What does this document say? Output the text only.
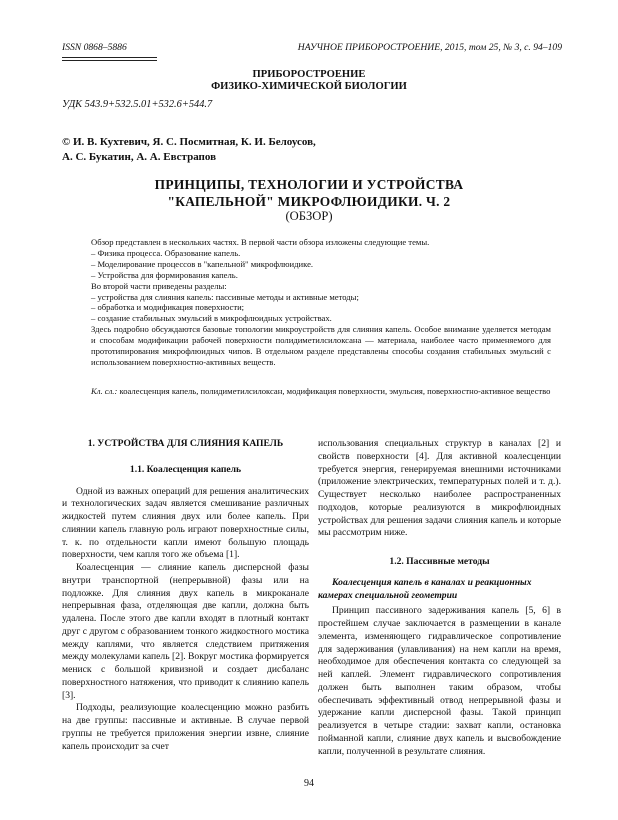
ISSN 0868–5886	НАУЧНОЕ ПРИБОРОСТРОЕНИЕ, 2015, том 25, № 3, с. 94–109
ПРИБОРОСТРОЕНИЕ
ФИЗИКО-ХИМИЧЕСКОЙ БИОЛОГИИ
УДК 543.9+532.5.01+532.6+544.7
© И. В. Кухтевич, Я. С. Посмитная, К. И. Белоусов,
А. С. Букатин, А. А. Евстрапов
ПРИНЦИПЫ, ТЕХНОЛОГИИ И УСТРОЙСТВА
"КАПЕЛЬНОЙ" МИКРОФЛЮИДИКИ. Ч. 2
(ОБЗОР)
Обзор представлен в нескольких частях. В первой части обзора изложены следующие темы.
– Физика процесса. Образование капель.
– Моделирование процессов в "капельной" микрофлюидике.
– Устройства для формирования капель.
Во второй части приведены разделы:
– устройства для слияния капель: пассивные методы и активные методы;
– обработка и модификация поверхности;
– создание стабильных эмульсий в микрофлюидных устройствах.
Здесь подробно обсуждаются базовые топологии микроустройств для слияния капель. Особое внимание уделяется методам и способам модификации рабочей поверхности полидиметилсилоксана — материала, наиболее часто применяемого для прототипирования микрофлюидных чипов. В отдельном разделе представлены способы создания стабильных эмульсий с использованием поверхностно-активных веществ.
Кл. сл.: коалесценция капель, полидиметилсилоксан, модификация поверхности, эмульсия, поверхностно-активное вещество

1. УСТРОЙСТВА ДЛЯ СЛИЯНИЯ КАПЕЛЬ

1.1. Коалесценция капель

Одной из важных операций для решения аналитических и технологических задач является смешивание различных жидкостей путем слияния двух или более капель. При слиянии капель главную роль играют поверхностные силы, т. к. по отдельности капли имеют большую площадь поверхности, чем капля того же объема [1].

Коалесценция — слияние капель дисперсной фазы внутри транспортной (непрерывной) фазы или на подложке. Для слияния двух капель в микроканале непрерывная фаза, отделяющая две капли, должна быть удалена. После этого две капли входят в плотный контакт друг с другом с образованием тонкого жидкостного мостика между каплями, что является следствием притяжения между молекулами капель [2]. Вокруг мостика формируется мениск с большой кривизной и создает дисбаланс поверхностного натяжения, что приводит к слиянию капель [3].

Подходы, реализующие коалесценцию можно разбить на две группы: пассивные и активные. В случае первой группы не требуется приложения энергии извне, слияние капель происходит за счет

использования специальных структур в каналах [2] и свойств поверхности [4]. Для активной коалесценции требуется энергия, генерируемая внешними источниками (приложение электрических, температурных полей и т. д.). Существует несколько наиболее распространенных подходов, которые реализуются в микрофлюидных устройствах для решения задачи слияния капель и которые мы рассмотрим ниже.

1.2. Пассивные методы

Коалесценция капель в каналах и реакционных камерах специальной геометрии

Принцип пассивного задерживания капель [5, 6] в простейшем случае заключается в размещении в канале элемента, изменяющего гидравлическое сопротивление для задерживания (улавливания) на нем капли на время, необходимое для обеспечения контакта со следующей за ней каплей. Элемент гидравлического сопротивления должен быть выполнен таким образом, чтобы обеспечивать эффективный отвод непрерывной фазы и удержание капли дисперсной фазы. Такой принцип реализуется в четыре стадии: захват капли, остановка пойманной капли, слияние двух капель и высвобождение капли, полученной в результате слияния.

94
